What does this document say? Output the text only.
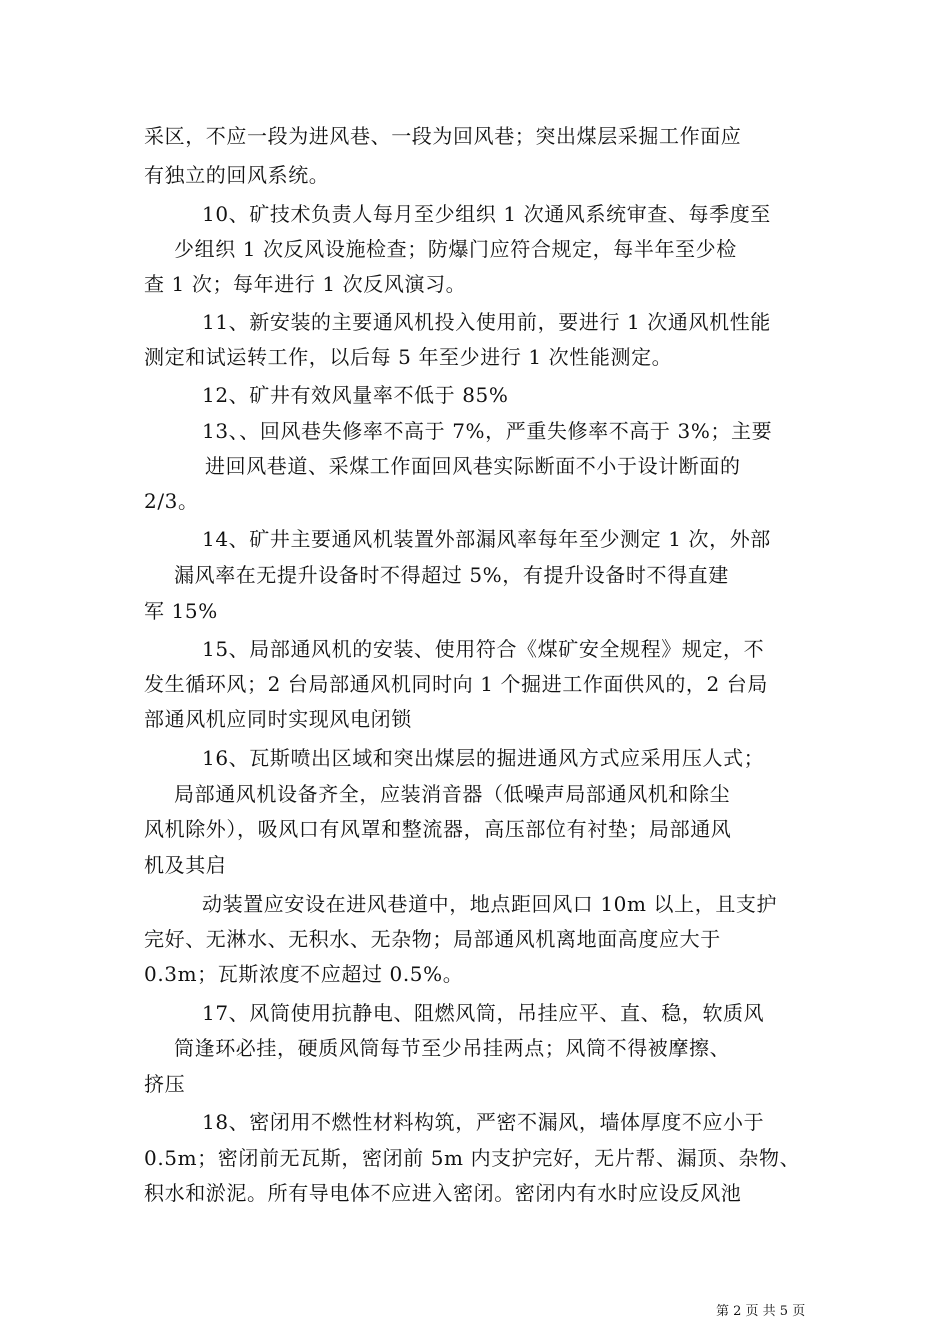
采区，不应一段为进风巷、一段为回风巷；突出煤层采掘工作面应
有独立的回风系统。
10、矿技术负责人每月至少组织 1 次通风系统审查、每季度至
少组织 1 次反风设施检查；防爆门应符合规定，每半年至少检
查 1 次；每年进行 1 次反风演习。
11、新安装的主要通风机投入使用前，要进行 1 次通风机性能
测定和试运转工作，以后每 5 年至少进行 1 次性能测定。
12、矿井有效风量率不低于 85%
13、、回风巷失修率不高于 7%，严重失修率不高于 3%；主要
进回风巷道、采煤工作面回风巷实际断面不小于设计断面的
2/3。
14、矿井主要通风机装置外部漏风率每年至少测定 1 次，外部
漏风率在无提升设备时不得超过 5%，有提升设备时不得直建
军 15%
15、局部通风机的安装、使用符合《煤矿安全规程》规定，不
发生循环风；2 台局部通风机同时向 1 个掘进工作面供风的，2 台局
部通风机应同时实现风电闭锁
16、瓦斯喷出区域和突出煤层的掘进通风方式应采用压人式；
局部通风机设备齐全，应装消音器（低噪声局部通风机和除尘
风机除外），吸风口有风罩和整流器，高压部位有衬垫；局部通风
机及其启
动装置应安设在进风巷道中，地点距回风口 10m 以上，且支护
完好、无淋水、无积水、无杂物；局部通风机离地面高度应大于
0.3m；瓦斯浓度不应超过 0.5%。
17、风筒使用抗静电、阻燃风筒，吊挂应平、直、稳，软质风
筒逢环必挂，硬质风筒每节至少吊挂两点；风筒不得被摩擦、
挤压
18、密闭用不燃性材料构筑，严密不漏风，墙体厚度不应小于
0.5m；密闭前无瓦斯，密闭前 5m 内支护完好，无片帮、漏顶、杂物、
积水和淤泥。所有导电体不应进入密闭。密闭内有水时应设反风池
第 2 页 共 5 页
